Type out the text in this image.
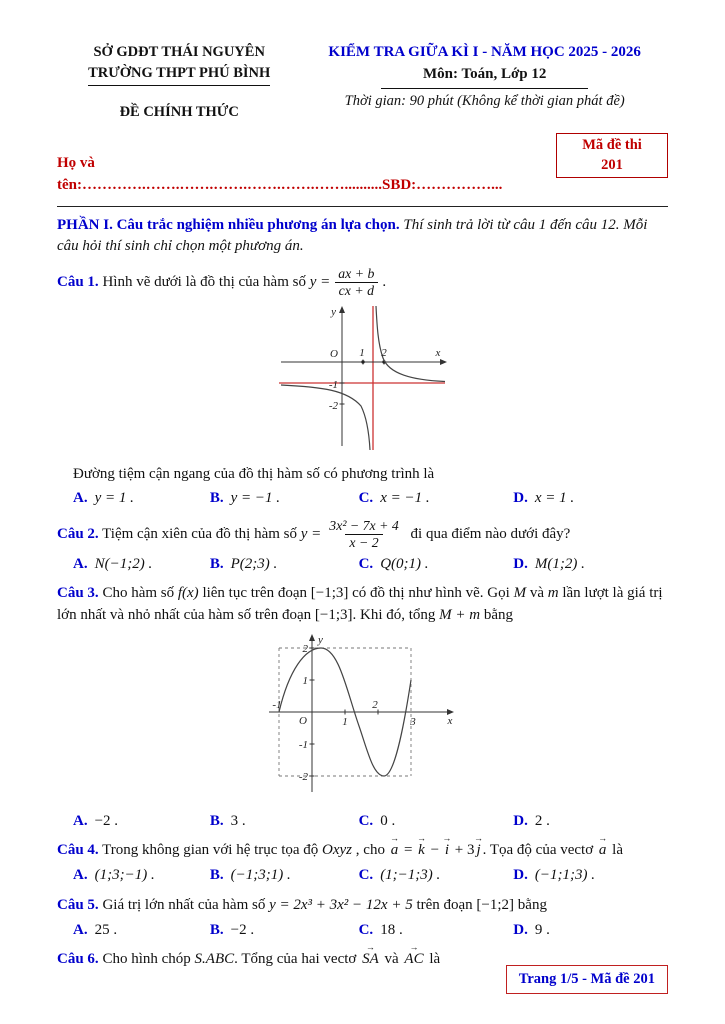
SỞ GDĐT THÁI NGUYÊN
TRƯỜNG THPT PHÚ BÌNH
ĐỀ CHÍNH THỨC
KIỂM TRA GIỮA KÌ I - NĂM HỌC 2025 - 2026
Môn: Toán, Lớp 12
Thời gian: 90 phút (Không kể thời gian phát đề)
Họ và tên:………….…….…….…….…….…….……..........SBD:……………...
Mã đề thi
201

PHẦN I. Câu trắc nghiệm nhiều phương án lựa chọn. Thí sinh trả lời từ câu 1 đến câu 12. Mỗi câu hỏi thí sinh chỉ chọn một phương án.

Câu 1. Hình vẽ dưới là đồ thị của hàm số $y = \frac{ax + b}{cx + d}$ .

y
x
O 1 2
-1
-2

Đường tiệm cận ngang của đồ thị hàm số có phương trình là

A. y = 1 .	B. y = −1 .	C. x = −1 .	D. x = 1 .

Câu 2. Tiệm cận xiên của đồ thị hàm số $y = \frac{\text{3x² − 7x + 4}}{x - 2}$ đi qua điểm nào dưới đây?

A. N(−1;2) .	B. P(2;3) .	C. Q(0;1) .	D. M(1;2) .

Câu 3. Cho hàm số f(x) liên tục trên đoạn [−1;3] có đồ thị như hình vẽ. Gọi M và m lần lượt là giá trị lớn nhất và nhỏ nhất của hàm số trên đoạn [−1;3]. Khi đó, tổng M + m bằng

y
x
O
2
1
-1
-2
-1
1
2
3
A. −2 .	B. 3 .	C. 0 .	D. 2 .

Câu 4. Trong không gian với hệ trục tọa độ Oxyz , cho → a = → k − → i + 3 → j . Tọa độ của vectơ → a là

A. (1;3;−1) .	B. (−1;3;1) .	C. (1;−1;3) .	D. (−1;1;3) .

Câu 5. Giá trị lớn nhất của hàm số y = 2x³ + 3x² − 12x + 5 trên đoạn [−1;2] bằng

A. 25 .	B. −2 .	C. 18 .	D. 9 .

Câu 6. Cho hình chóp S.ABC. Tổng của hai vectơ → SA và → AC là

Trang 1/5 - Mã đề 201
